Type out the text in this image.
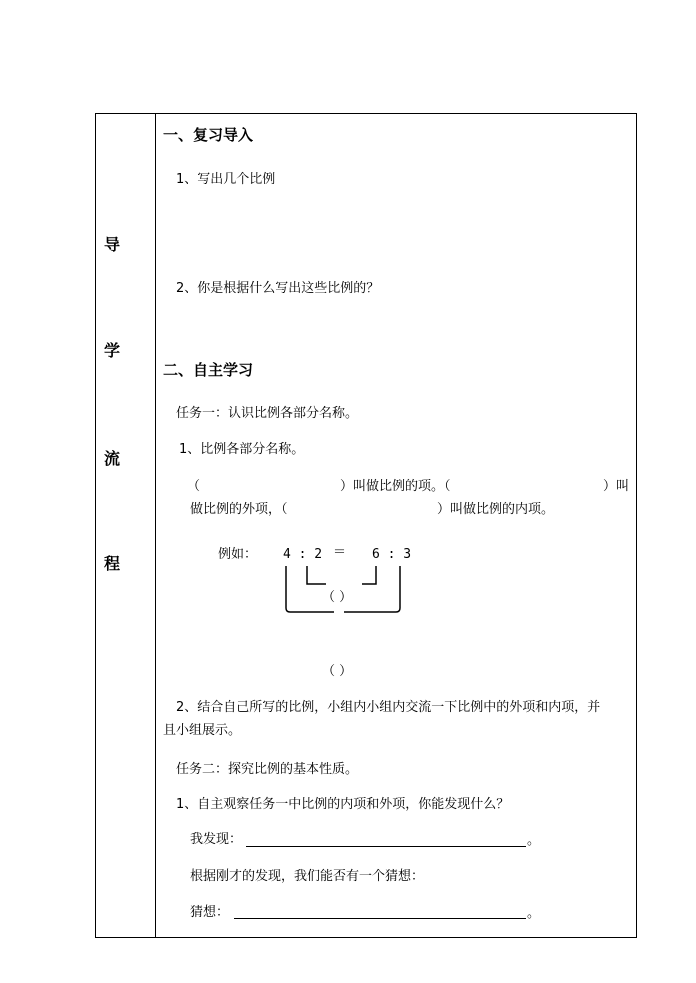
导
学
流
程
一、复习导入
1、写出几个比例
2、你是根据什么写出这些比例的？
二、自主学习
任务一：认识比例各部分名称。
1、比例各部分名称。
（	）叫做比例的项。（	）叫
做比例的外项，（	）叫做比例的内项。
例如： 4 : 2 ＝ 6 : 3
（ ）
（ ）
2、结合自己所写的比例，小组内小组内交流一下比例中的外项和内项，并
且小组展示。
任务二：探究比例的基本性质。
1、自主观察任务一中比例的内项和外项，你能发现什么？
我发现：	。
根据刚才的发现，我们能否有一个猜想：
猜想：	。
